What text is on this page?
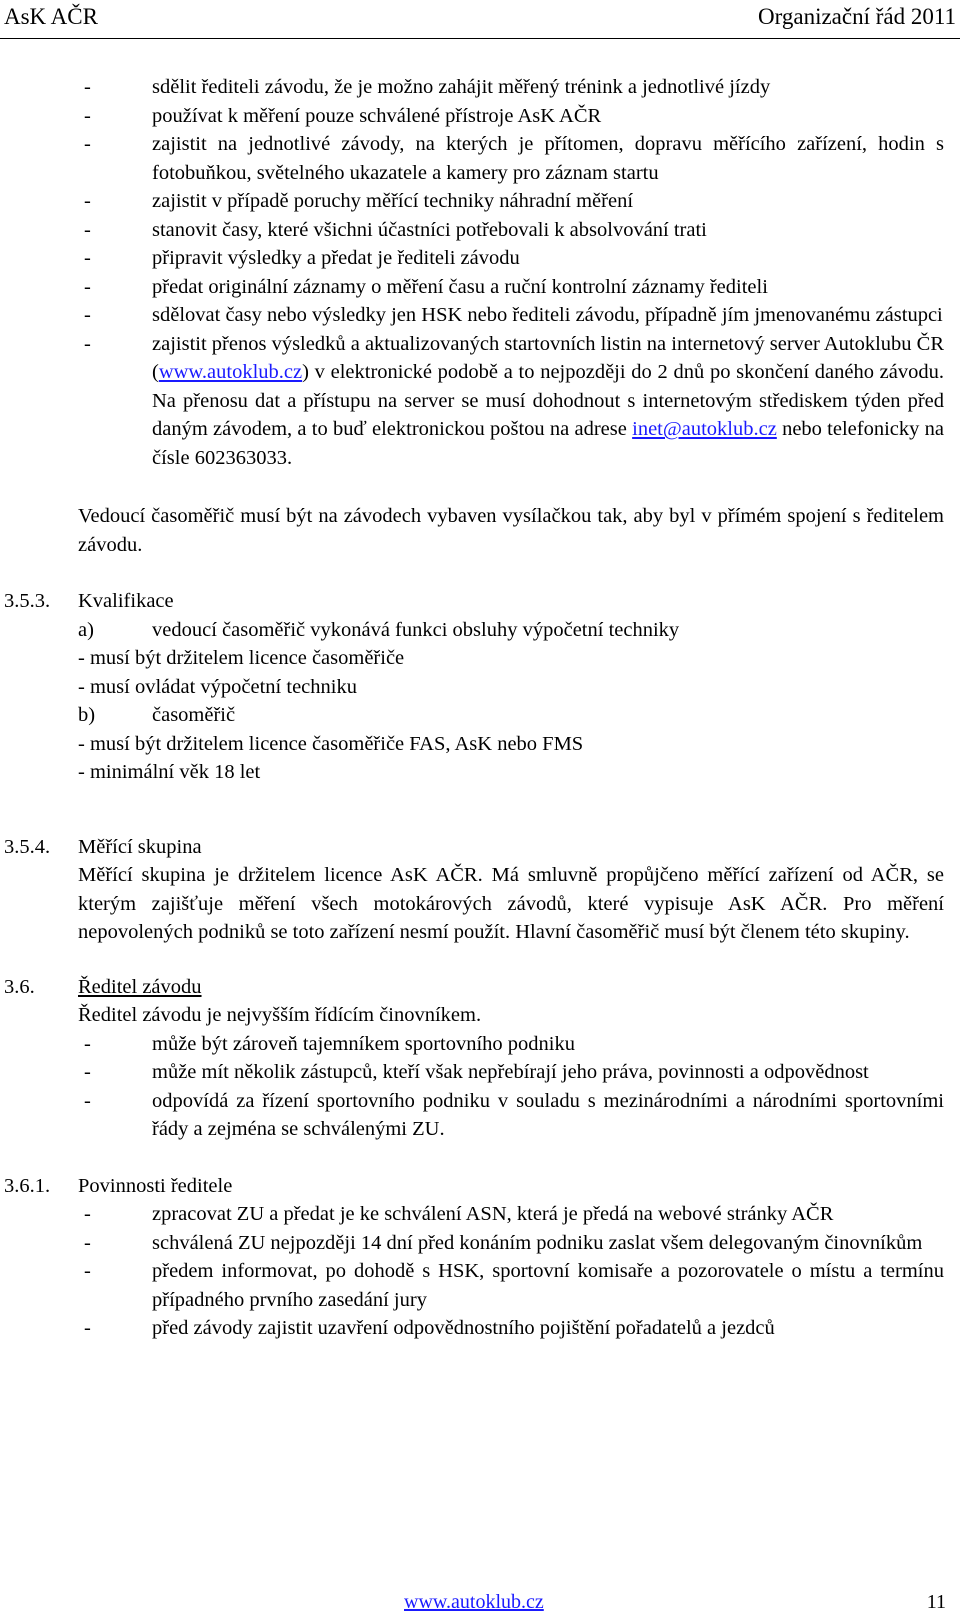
AsK AČR	Organizační řád 2011
-	sdělit řediteli závodu, že je možno zahájit měřený trénink a jednotlivé jízdy
-	používat k měření pouze schválené přístroje AsK AČR
-	zajistit na jednotlivé závody, na kterých je přítomen, dopravu měřícího zařízení, hodin s fotobuňkou, světelného ukazatele a kamery pro záznam startu
-	zajistit v případě poruchy měřící techniky náhradní měření
-	stanovit časy, které všichni účastníci potřebovali k absolvování trati
-	připravit výsledky a předat je řediteli závodu
-	předat originální záznamy o měření času a ruční kontrolní záznamy řediteli
-	sdělovat časy nebo výsledky jen HSK nebo řediteli závodu, případně jím jmenovanému zástupci
-	zajistit přenos výsledků a aktualizovaných startovních listin na internetový server Autoklubu ČR (www.autoklub.cz) v elektronické podobě a to nejpozději do 2 dnů po skončení daného závodu. Na přenosu dat a přístupu na server se musí dohodnout s internetovým střediskem týden před daným závodem, a to buď elektronickou poštou na adrese inet@autoklub.cz nebo telefonicky na čísle 602363033.
Vedoucí časoměřič musí být na závodech vybaven vysílačkou tak, aby byl v přímém spojení s ředitelem závodu.
3.5.3. Kvalifikace
a)	vedoucí časoměřič vykonává funkci obsluhy výpočetní techniky
- musí být držitelem licence časoměřiče
- musí ovládat výpočetní techniku
b)	časoměřič
- musí být držitelem licence časoměřiče FAS, AsK nebo FMS
- minimální věk 18 let
3.5.4. Měřící skupina
Měřící skupina je držitelem licence AsK AČR. Má smluvně propůjčeno měřící zařízení od AČR, se kterým zajišťuje měření všech motokárových závodů, které vypisuje AsK AČR. Pro měření nepovolených podniků se toto zařízení nesmí použít. Hlavní časoměřič musí být členem této skupiny.
3.6. Ředitel závodu
Ředitel závodu je nejvyšším řídícím činovníkem.
-	může být zároveň tajemníkem sportovního podniku
-	může mít několik zástupců, kteří však nepřebírají jeho práva, povinnosti a odpovědnost
-	odpovídá za řízení sportovního podniku v souladu s mezinárodními a národními sportovními řády a zejména se schválenými ZU.
3.6.1. Povinnosti ředitele
-	zpracovat ZU a předat je ke schválení ASN, která je předá na webové stránky AČR
-	schválená ZU nejpozději 14 dní před konáním podniku zaslat všem delegovaným činovníkům
-	předem informovat, po dohodě s HSK, sportovní komisaře a pozorovatele o místu a termínu případného prvního zasedání jury
-	před závody zajistit uzavření odpovědnostního pojištění pořadatelů a jezdců
www.autoklub.cz	11
